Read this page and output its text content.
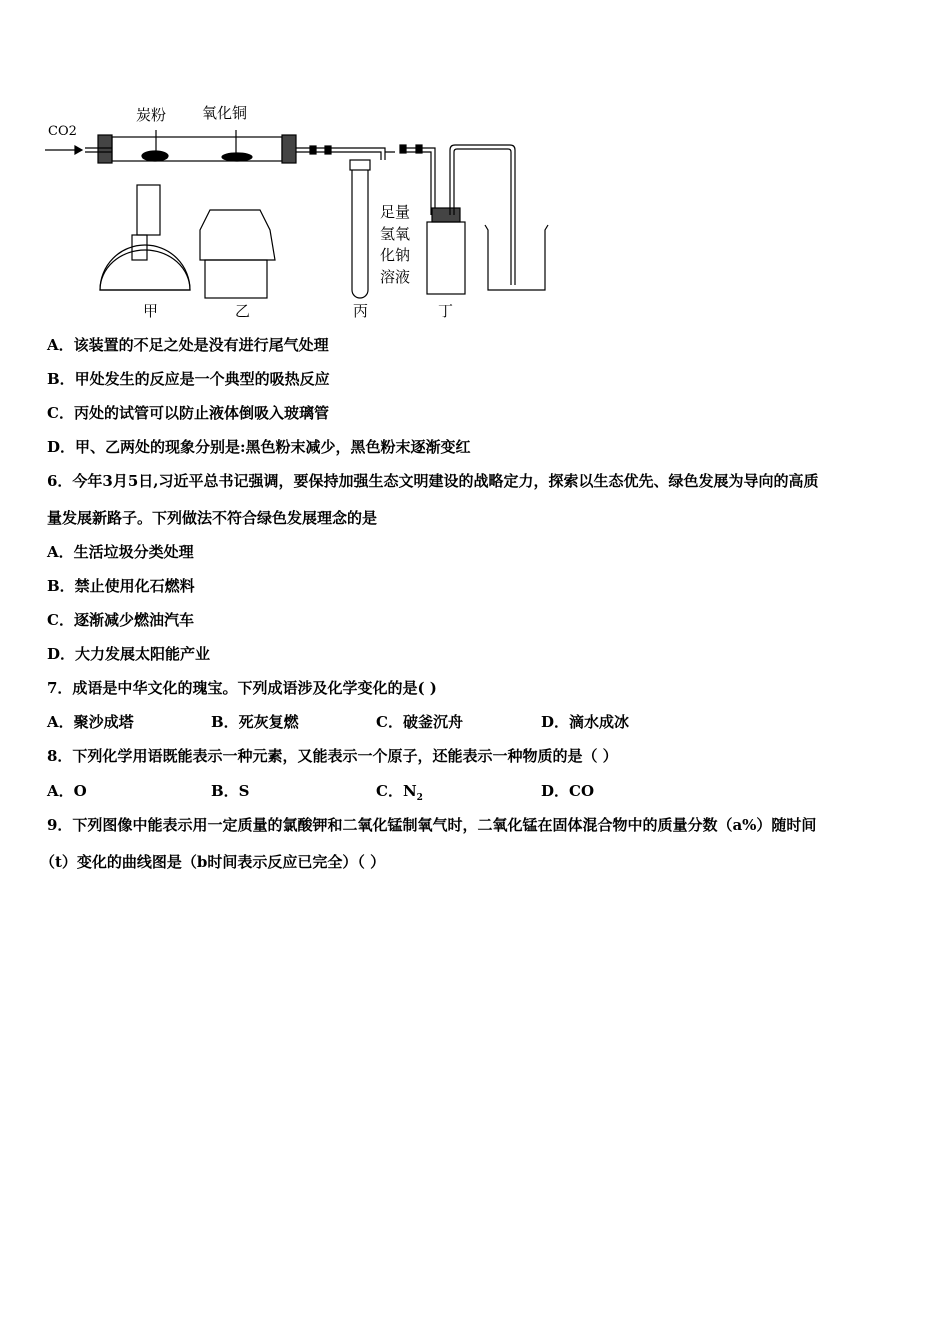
CO2
炭粉 氧化铜
甲	乙	丙	丁
足量
氢氧
化钠
溶液
A．该装置的不足之处是没有进行尾气处理
B．甲处发生的反应是一个典型的吸热反应
C．丙处的试管可以防止液体倒吸入玻璃管
D．甲、乙两处的现象分别是:黑色粉末减少，黑色粉末逐渐变红
6．今年3月5日,习近平总书记强调，要保持加强生态文明建设的战略定力，探索以生态优先、绿色发展为导向的高质
量发展新路子。下列做法不符合绿色发展理念的是
A．生活垃圾分类处理
B．禁止使用化石燃料
C．逐渐减少燃油汽车
D．大力发展太阳能产业
7．成语是中华文化的瑰宝。下列成语涉及化学变化的是( )
A．聚沙成塔	B．死灰复燃	C．破釜沉舟	D．滴水成冰
8．下列化学用语既能表示一种元素，又能表示一个原子，还能表示一种物质的是（ ）
A．O	B．S	C．$N_2$	D．CO
9．下列图像中能表示用一定质量的氯酸钾和二氧化锰制氧气时，二氧化锰在固体混合物中的质量分数（a%）随时间
（t）变化的曲线图是（b时间表示反应已完全）（ ）
